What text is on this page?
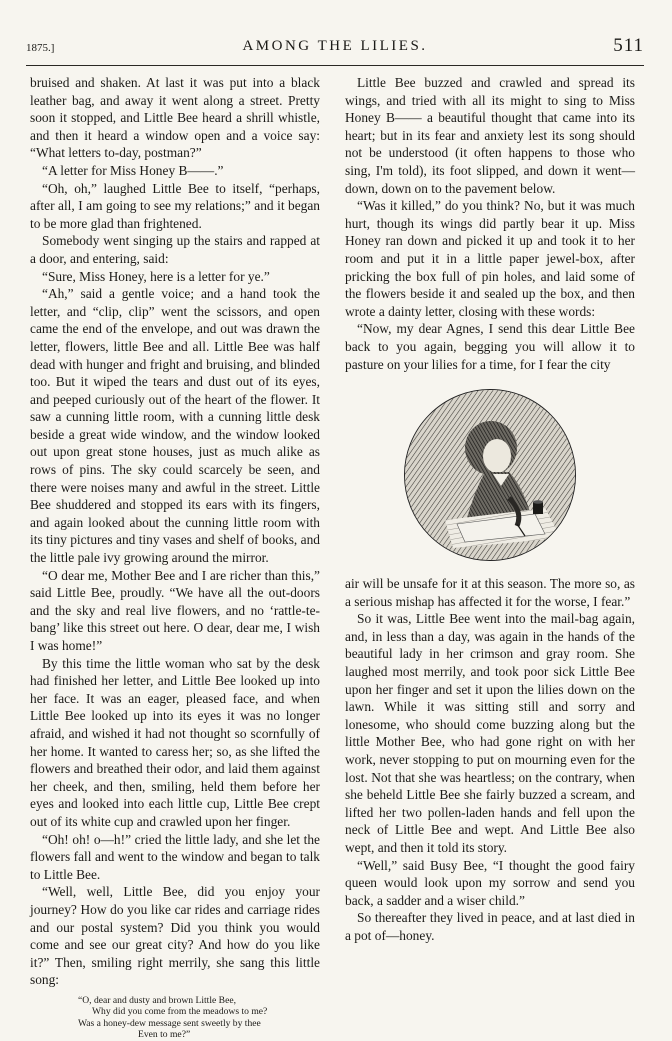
1875.]	AMONG THE LILIES.	511

bruised and shaken. At last it was put into a black leather bag, and away it went along a street. Pretty soon it stopped, and Little Bee heard a shrill whistle, and then it heard a window open and a voice say: “What letters to-day, postman?”

“A letter for Miss Honey B——.”

“Oh, oh,” laughed Little Bee to itself, “perhaps, after all, I am going to see my relations;” and it began to be more glad than frightened.

Somebody went singing up the stairs and rapped at a door, and entering, said:

“Sure, Miss Honey, here is a letter for ye.”

“Ah,” said a gentle voice; and a hand took the letter, and “clip, clip” went the scissors, and open came the end of the envelope, and out was drawn the letter, flowers, little Bee and all. Little Bee was half dead with hunger and fright and bruising, and blinded too. But it wiped the tears and dust out of its eyes, and peeped curiously out of the heart of the flower. It saw a cunning little room, with a cunning little desk beside a great wide window, and the window looked out upon great stone houses, just as much alike as rows of pins. The sky could scarcely be seen, and there were noises many and awful in the street. Little Bee shuddered and stopped its ears with its fingers, and again looked about the cunning little room with its tiny pictures and tiny vases and shelf of books, and the little pale ivy growing around the mirror.

“O dear me, Mother Bee and I are richer than this,” said Little Bee, proudly. “We have all the out-doors and the sky and real live flowers, and no ‘rattle-te-bang’ like this street out here. O dear, dear me, I wish I was home!”

By this time the little woman who sat by the desk had finished her letter, and Little Bee looked up into her face. It was an eager, pleased face, and when Little Bee looked up into its eyes it was no longer afraid, and wished it had not thought so scornfully of her home. It wanted to caress her; so, as she lifted the flowers and breathed their odor, and laid them against her cheek, and then, smiling, held them before her eyes and looked into each little cup, Little Bee crept out of its white cup and crawled upon her finger.

“Oh! oh! o—h!” cried the little lady, and she let the flowers fall and went to the window and began to talk to Little Bee.

“Well, well, Little Bee, did you enjoy your journey? How do you like car rides and carriage rides and our postal system? Did you think you would come and see our great city? And how do you like it?” Then, smiling right merrily, she sang this little song:

“O, dear and dusty and brown Little Bee,
Why did you come from the meadows to me?
Was a honey-dew message sent sweetly by thee
Even to me?”

Little Bee buzzed and crawled and spread its wings, and tried with all its might to sing to Miss Honey B—— a beautiful thought that came into its heart; but in its fear and anxiety lest its song should not be understood (it often happens to those who sing, I'm told), its foot slipped, and down it went—down, down on to the pavement below.

“Was it killed,” do you think? No, but it was much hurt, though its wings did partly bear it up. Miss Honey ran down and picked it up and took it to her room and put it in a little paper jewel-box, after pricking the box full of pin holes, and laid some of the flowers beside it and sealed up the box, and then wrote a dainty letter, closing with these words:

“Now, my dear Agnes, I send this dear Little Bee back to you again, begging you will allow it to pasture on your lilies for a time, for I fear the city

air will be unsafe for it at this season. The more so, as a serious mishap has affected it for the worse, I fear.”

So it was, Little Bee went into the mail-bag again, and, in less than a day, was again in the hands of the beautiful lady in her crimson and gray room. She laughed most merrily, and took poor sick Little Bee upon her finger and set it upon the lilies down on the lawn. While it was sitting still and sorry and lonesome, who should come buzzing along but the little Mother Bee, who had gone right on with her work, never stopping to put on mourning even for the lost. Not that she was heartless; on the contrary, when she beheld Little Bee she fairly buzzed a scream, and lifted her two pollen-laden hands and fell upon the neck of Little Bee and wept. And Little Bee also wept, and then it told its story.

“Well,” said Busy Bee, “I thought the good fairy queen would look upon my sorrow and send you back, a sadder and a wiser child.”

So thereafter they lived in peace, and at last died in a pot of—honey.
